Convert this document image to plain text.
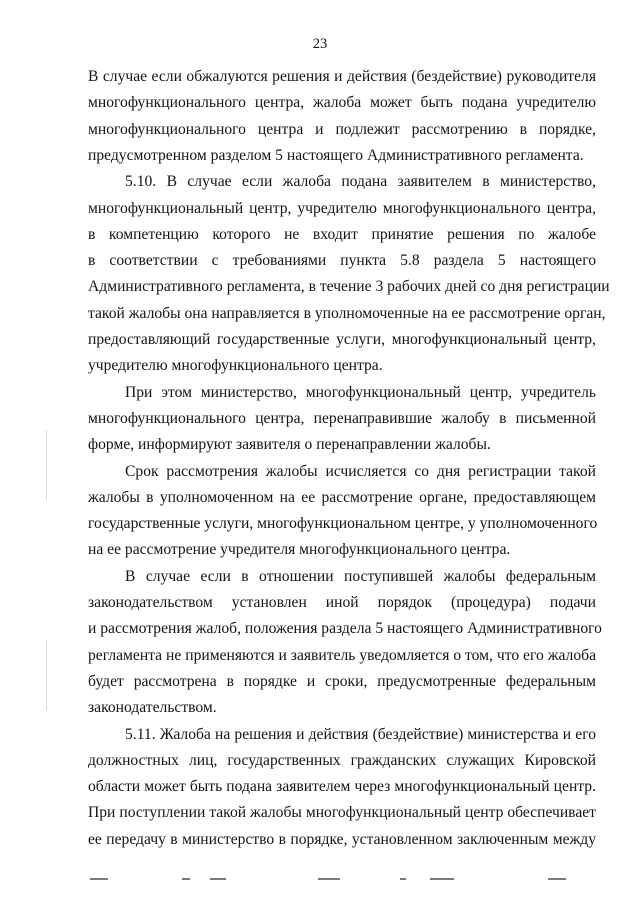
23
В случае если обжалуются решения и действия (бездействие) руководителя
многофункционального центра, жалоба может быть подана учредителю
многофункционального центра и подлежит рассмотрению в порядке,
предусмотренном разделом 5 настоящего Административного регламента.
5.10. В случае если жалоба подана заявителем в министерство,
многофункциональный центр, учредителю многофункционального центра,
в компетенцию которого не входит принятие решения по жалобе
в соответствии с требованиями пункта 5.8 раздела 5 настоящего
Административного регламента, в течение 3 рабочих дней со дня регистрации
такой жалобы она направляется в уполномоченные на ее рассмотрение орган,
предоставляющий государственные услуги, многофункциональный центр,
учредителю многофункционального центра.
При этом министерство, многофункциональный центр, учредитель
многофункционального центра, перенаправившие жалобу в письменной
форме, информируют заявителя о перенаправлении жалобы.
Срок рассмотрения жалобы исчисляется со дня регистрации такой
жалобы в уполномоченном на ее рассмотрение органе, предоставляющем
государственные услуги, многофункциональном центре, у уполномоченного
на ее рассмотрение учредителя многофункционального центра.
В случае если в отношении поступившей жалобы федеральным
законодательством установлен иной порядок (процедура) подачи
и рассмотрения жалоб, положения раздела 5 настоящего Административного
регламента не применяются и заявитель уведомляется о том, что его жалоба
будет рассмотрена в порядке и сроки, предусмотренные федеральным
законодательством.
5.11. Жалоба на решения и действия (бездействие) министерства и его
должностных лиц, государственных гражданских служащих Кировской
области может быть подана заявителем через многофункциональный центр.
При поступлении такой жалобы многофункциональный центр обеспечивает
ее передачу в министерство в порядке, установленном заключенным между
